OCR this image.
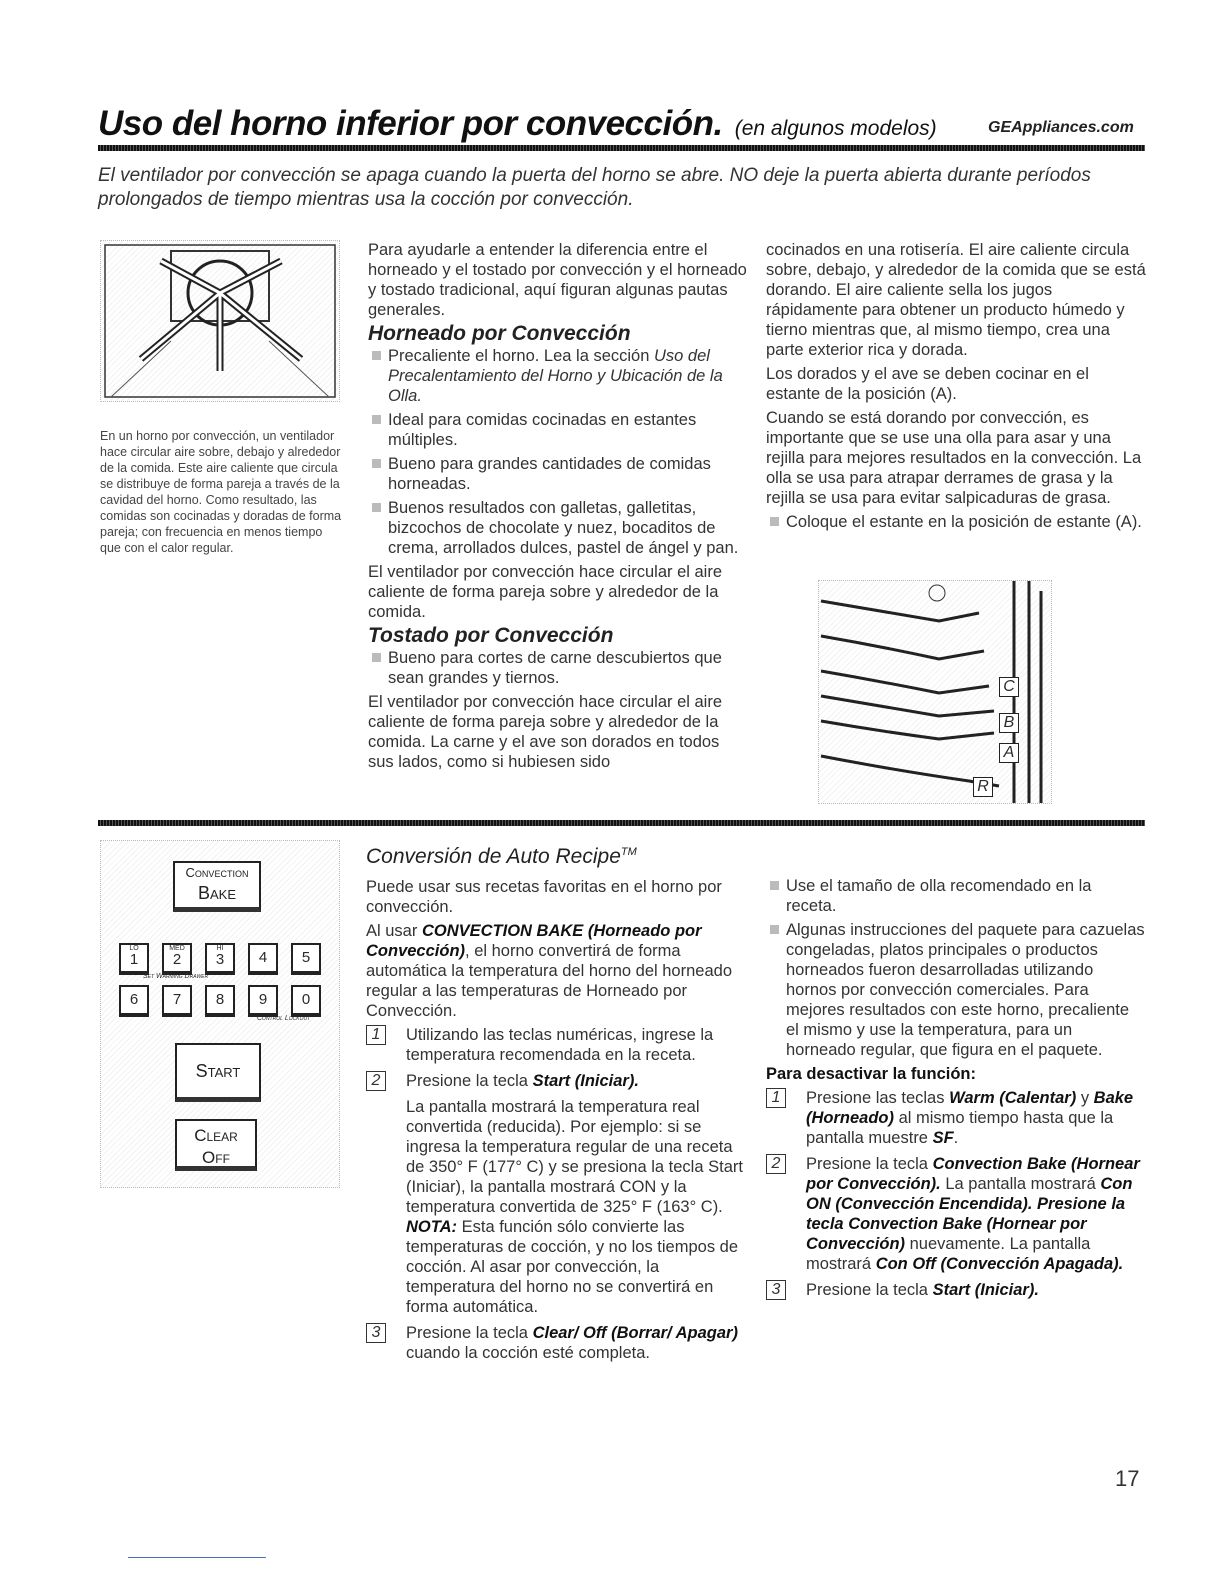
Uso del horno inferior por convección. (en algunos modelos)	GEAppliances.com
El ventilador por convección se apaga cuando la puerta del horno se abre. NO deje la puerta abierta durante períodos prolongados de tiempo mientras usa la cocción por convección.
En un horno por convección, un ventilador hace circular aire sobre, debajo y alrededor de la comida. Este aire caliente que circula se distribuye de forma pareja a través de la cavidad del horno. Como resultado, las comidas son cocinadas y doradas de forma pareja; con frecuencia en menos tiempo que con el calor regular.

Para ayudarle a entender la diferencia entre el horneado y el tostado por convección y el horneado y tostado tradicional, aquí figuran algunas pautas generales.

Horneado por Convección
Precaliente el horno. Lea la sección Uso del Precalentamiento del Horno y Ubicación de la Olla.
Ideal para comidas cocinadas en estantes múltiples.
Bueno para grandes cantidades de comidas horneadas.
Buenos resultados con galletas, galletitas, bizcochos de chocolate y nuez, bocaditos de crema, arrollados dulces, pastel de ángel y pan.

El ventilador por convección hace circular el aire caliente de forma pareja sobre y alrededor de la comida.

Tostado por Convección
Bueno para cortes de carne descubiertos que sean grandes y tiernos.

El ventilador por convección hace circular el aire caliente de forma pareja sobre y alrededor de la comida. La carne y el ave son dorados en todos sus lados, como si hubiesen sido

cocinados en una rotisería. El aire caliente circula sobre, debajo, y alrededor de la comida que se está dorando. El aire caliente sella los jugos rápidamente para obtener un producto húmedo y tierno mientras que, al mismo tiempo, crea una parte exterior rica y dorada.

Los dorados y el ave se deben cocinar en el estante de la posición (A).

Cuando se está dorando por convección, es importante que se use una olla para asar y una rejilla para mejores resultados en la convección. La olla se usa para atrapar derrames de grasa y la rejilla se usa para evitar salpicaduras de grasa.

Coloque el estante en la posición de estante (A).
C
B
A
R
Convection
Bake
LO
1
MED
2
HI
3	4	5
6	7	8	9	0
Set Warming Drawer
Control Lockout
Start
Clear
Off
Conversión de Auto Recipe™

Puede usar sus recetas favoritas en el horno por convección.

Al usar CONVECTION BAKE (Horneado por Convección), el horno convertirá de forma automática la temperatura del horno del horneado regular a las temperaturas de Horneado por Convección.

1	Utilizando las teclas numéricas, ingrese la temperatura recomendada en la receta.
2	Presione la tecla Start (Iniciar).

La pantalla mostrará la temperatura real convertida (reducida). Por ejemplo: si se ingresa la temperatura regular de una receta de 350° F (177° C) y se presiona la tecla Start (Iniciar), la pantalla mostrará CON y la temperatura convertida de 325° F (163° C).
NOTA: Esta función sólo convierte las temperaturas de cocción, y no los tiempos de cocción. Al asar por convección, la temperatura del horno no se convertirá en forma automática.

3	Presione la tecla Clear/ Off (Borrar/ Apagar) cuando la cocción esté completa.
Use el tamaño de olla recomendado en la receta.
Algunas instrucciones del paquete para cazuelas congeladas, platos principales o productos horneados fueron desarrolladas utilizando hornos por convección comerciales. Para mejores resultados con este horno, precaliente el mismo y use la temperatura, para un horneado regular, que figura en el paquete.

Para desactivar la función:

1	Presione las teclas Warm (Calentar) y Bake (Horneado) al mismo tiempo hasta que la pantalla muestre SF.
2	Presione la tecla Convection Bake (Hornear por Convección). La pantalla mostrará Con ON (Convección Encendida). Presione la tecla Convection Bake (Hornear por Convección) nuevamente. La pantalla mostrará Con Off (Convección Apagada).
3	Presione la tecla Start (Iniciar).
17
